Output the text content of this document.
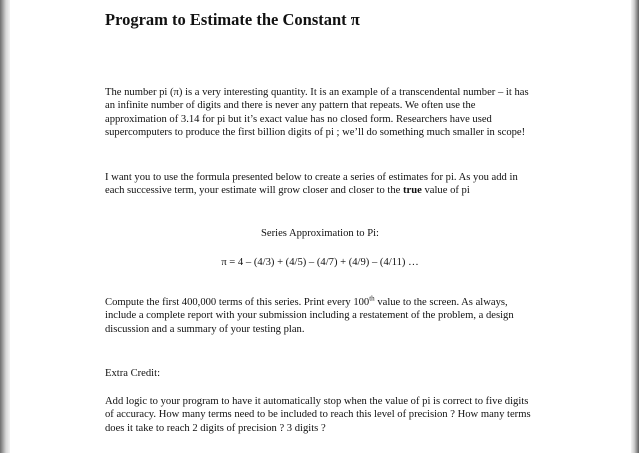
Program to Estimate the Constant π

The number pi (π) is a very interesting quantity. It is an example of a transcendental number – it has an infinite number of digits and there is never any pattern that repeats. We often use the approximation of 3.14 for pi but it’s exact value has no closed form. Researchers have used supercomputers to produce the first billion digits of pi ; we’ll do something much smaller in scope!

I want you to use the formula presented below to create a series of estimates for pi. As you add in each successive term, your estimate will grow closer and closer to the true value of pi

Series Approximation to Pi:

π = 4 – (4/3) + (4/5) – (4/7) + (4/9) – (4/11) …

Compute the first 400,000 terms of this series. Print every 100th value to the screen. As always, include a complete report with your submission including a restatement of the problem, a design discussion and a summary of your testing plan.

Extra Credit:

Add logic to your program to have it automatically stop when the value of pi is correct to five digits of accuracy. How many terms need to be included to reach this level of precision ? How many terms does it take to reach 2 digits of precision ? 3 digits ?
